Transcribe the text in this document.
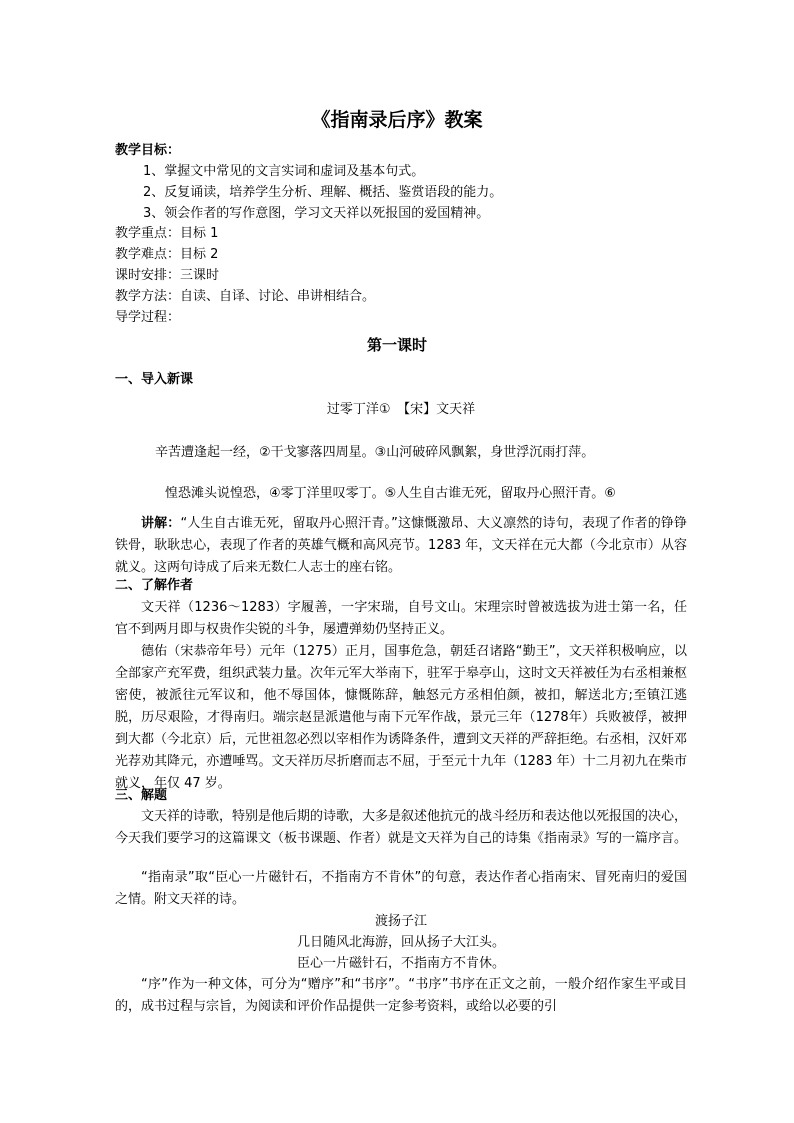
《指南录后序》教案
教学目标：
1、掌握文中常见的文言实词和虚词及基本句式。
2、反复诵读，培养学生分析、理解、概括、鉴赏语段的能力。
3、领会作者的写作意图，学习文天祥以死报国的爱国精神。
教学重点：目标 1
教学难点：目标 2
课时安排：三课时
教学方法：自读、自译、讨论、串讲相结合。
导学过程：
第一课时
一、导入新课
过零丁洋①　【宋】文天祥
辛苦遭逢起一经，②干戈寥落四周星。③山河破碎风飘絮，身世浮沉雨打萍。
惶恐滩头说惶恐，④零丁洋里叹零丁。⑤人生自古谁无死，留取丹心照汗青。⑥
讲解：“人生自古谁无死，留取丹心照汗青。”这慷慨激昂、大义凛然的诗句，表现了作者的铮铮铁骨，耿耿忠心，表现了作者的英雄气概和高风亮节。1283 年，文天祥在元大都（今北京市）从容就义。这两句诗成了后来无数仁人志士的座右铭。
二、了解作者
文天祥（1236～1283）字履善，一字宋瑞，自号文山。宋理宗时曾被选拔为进士第一名，任官不到两月即与权贵作尖锐的斗争，屡遭弹劾仍坚持正义。
德佑（宋恭帝年号）元年（1275）正月，国事危急，朝廷召诸路“勤王”，文天祥积极响应，以全部家产充军费，组织武装力量。次年元军大举南下，驻军于皋亭山，这时文天祥被任为右丞相兼枢密使，被派往元军议和，他不辱国体，慷慨陈辞，触怒元方丞相伯颜，被扣，解送北方;至镇江逃脱，历尽艰险，才得南归。端宗赵昰派遣他与南下元军作战，景元三年（1278年）兵败被俘，被押到大都（今北京）后，元世祖忽必烈以宰相作为诱降条件，遭到文天祥的严辞拒绝。右丞相，汉奸邓光荐劝其降元，亦遭唾骂。文天祥历尽折磨而志不屈，于至元十九年（1283 年）十二月初九在柴市就义，年仅 47 岁。
三、解题
文天祥的诗歌，特别是他后期的诗歌，大多是叙述他抗元的战斗经历和表达他以死报国的决心，今天我们要学习的这篇课文（板书课题、作者）就是文天祥为自己的诗集《指南录》写的一篇序言。
“指南录”取“臣心一片磁针石，不指南方不肯休”的句意，表达作者心指南宋、冒死南归的爱国之情。附文天祥的诗。
渡扬子江
几日随风北海游，回从扬子大江头。
臣心一片磁针石，不指南方不肯休。
“序”作为一种文体，可分为“赠序”和“书序”。“书序”书序在正文之前，一般介绍作家生平或目的，成书过程与宗旨，为阅读和评价作品提供一定参考资料，或给以必要的引
